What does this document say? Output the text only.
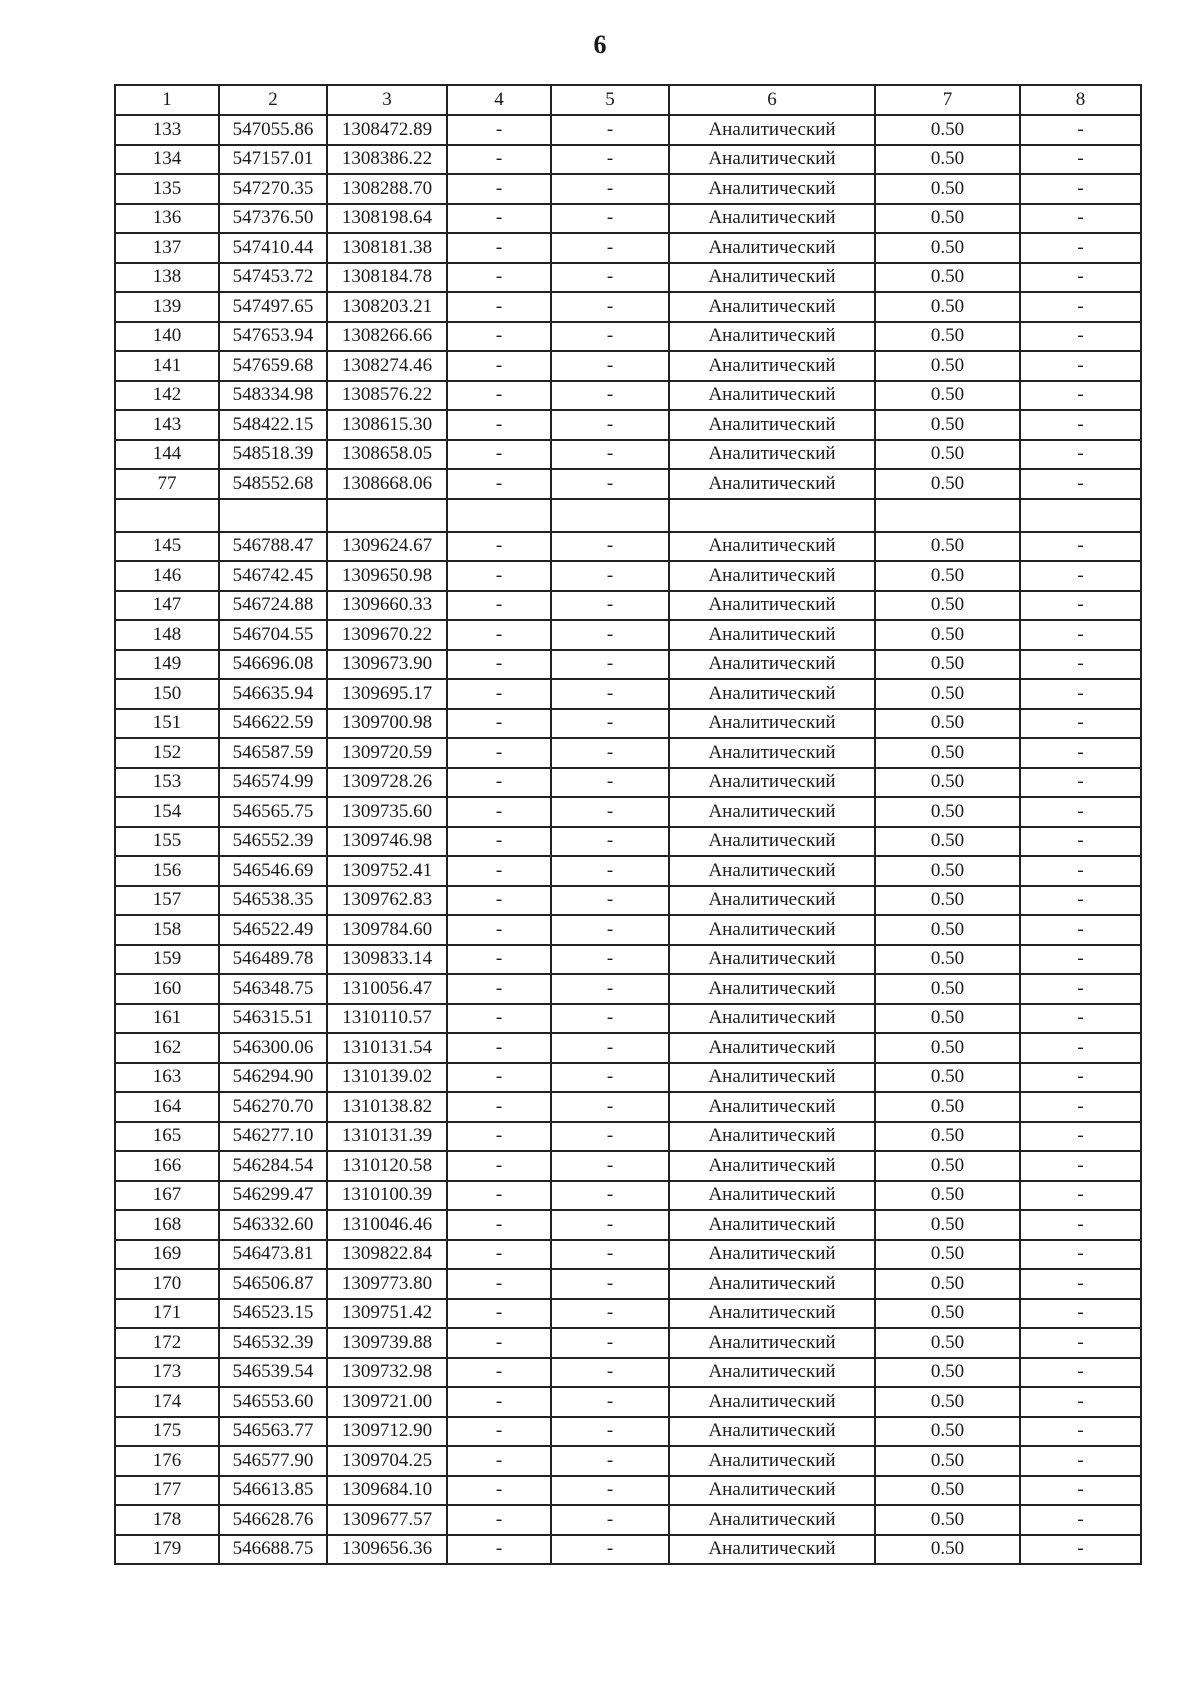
6
1	2	3	4	5	6	7	8
133	547055.86	1308472.89	-	-	Аналитический	0.50	-
134	547157.01	1308386.22	-	-	Аналитический	0.50	-
135	547270.35	1308288.70	-	-	Аналитический	0.50	-
136	547376.50	1308198.64	-	-	Аналитический	0.50	-
137	547410.44	1308181.38	-	-	Аналитический	0.50	-
138	547453.72	1308184.78	-	-	Аналитический	0.50	-
139	547497.65	1308203.21	-	-	Аналитический	0.50	-
140	547653.94	1308266.66	-	-	Аналитический	0.50	-
141	547659.68	1308274.46	-	-	Аналитический	0.50	-
142	548334.98	1308576.22	-	-	Аналитический	0.50	-
143	548422.15	1308615.30	-	-	Аналитический	0.50	-
144	548518.39	1308658.05	-	-	Аналитический	0.50	-
77	548552.68	1308668.06	-	-	Аналитический	0.50	-

145	546788.47	1309624.67	-	-	Аналитический	0.50	-
146	546742.45	1309650.98	-	-	Аналитический	0.50	-
147	546724.88	1309660.33	-	-	Аналитический	0.50	-
148	546704.55	1309670.22	-	-	Аналитический	0.50	-
149	546696.08	1309673.90	-	-	Аналитический	0.50	-
150	546635.94	1309695.17	-	-	Аналитический	0.50	-
151	546622.59	1309700.98	-	-	Аналитический	0.50	-
152	546587.59	1309720.59	-	-	Аналитический	0.50	-
153	546574.99	1309728.26	-	-	Аналитический	0.50	-
154	546565.75	1309735.60	-	-	Аналитический	0.50	-
155	546552.39	1309746.98	-	-	Аналитический	0.50	-
156	546546.69	1309752.41	-	-	Аналитический	0.50	-
157	546538.35	1309762.83	-	-	Аналитический	0.50	-
158	546522.49	1309784.60	-	-	Аналитический	0.50	-
159	546489.78	1309833.14	-	-	Аналитический	0.50	-
160	546348.75	1310056.47	-	-	Аналитический	0.50	-
161	546315.51	1310110.57	-	-	Аналитический	0.50	-
162	546300.06	1310131.54	-	-	Аналитический	0.50	-
163	546294.90	1310139.02	-	-	Аналитический	0.50	-
164	546270.70	1310138.82	-	-	Аналитический	0.50	-
165	546277.10	1310131.39	-	-	Аналитический	0.50	-
166	546284.54	1310120.58	-	-	Аналитический	0.50	-
167	546299.47	1310100.39	-	-	Аналитический	0.50	-
168	546332.60	1310046.46	-	-	Аналитический	0.50	-
169	546473.81	1309822.84	-	-	Аналитический	0.50	-
170	546506.87	1309773.80	-	-	Аналитический	0.50	-
171	546523.15	1309751.42	-	-	Аналитический	0.50	-
172	546532.39	1309739.88	-	-	Аналитический	0.50	-
173	546539.54	1309732.98	-	-	Аналитический	0.50	-
174	546553.60	1309721.00	-	-	Аналитический	0.50	-
175	546563.77	1309712.90	-	-	Аналитический	0.50	-
176	546577.90	1309704.25	-	-	Аналитический	0.50	-
177	546613.85	1309684.10	-	-	Аналитический	0.50	-
178	546628.76	1309677.57	-	-	Аналитический	0.50	-
179	546688.75	1309656.36	-	-	Аналитический	0.50	-
